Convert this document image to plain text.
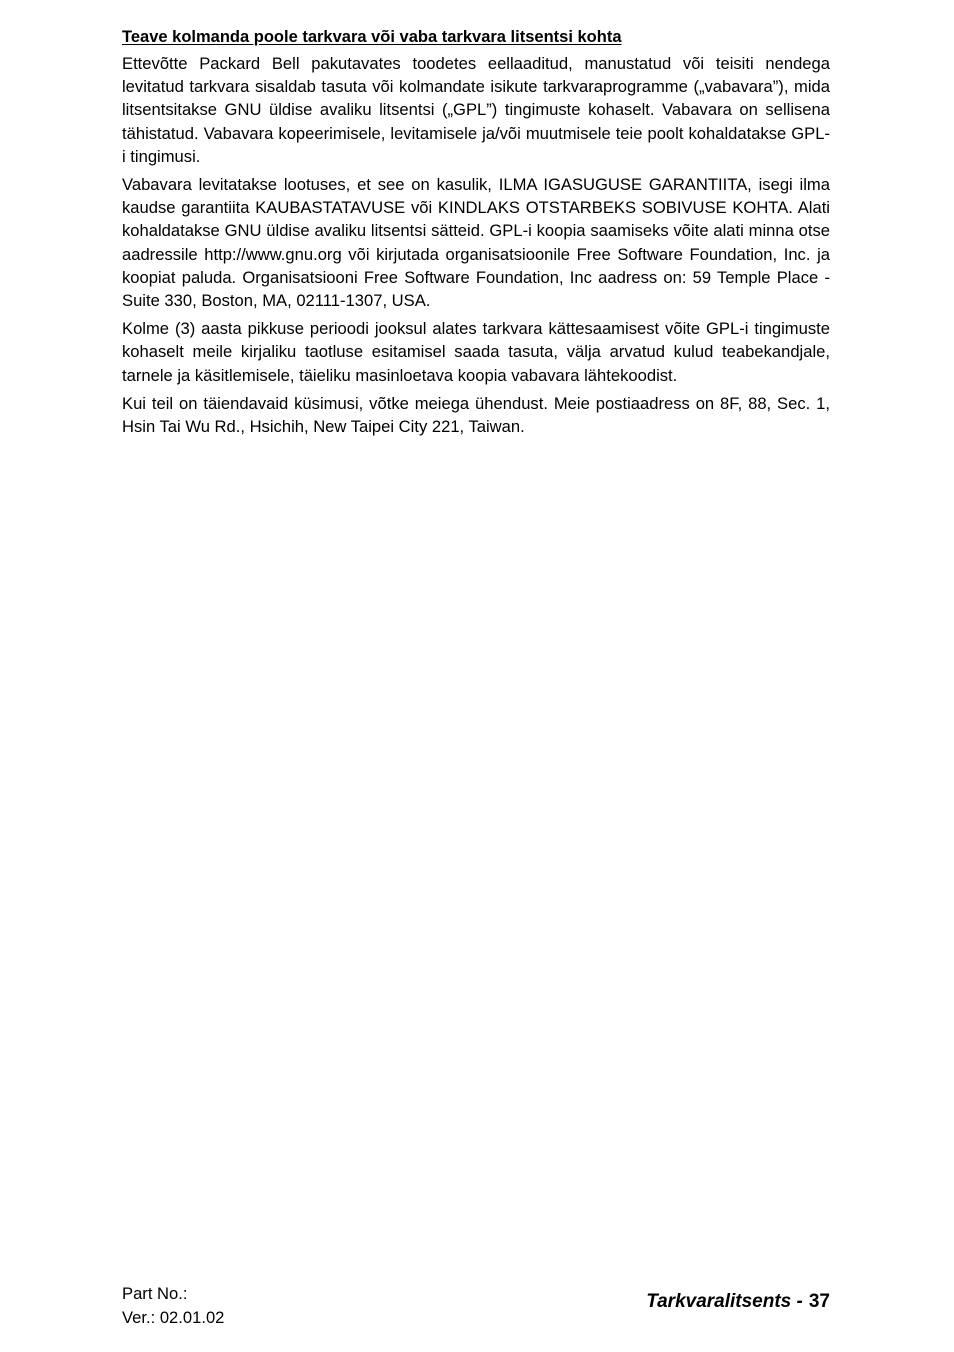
Teave kolmanda poole tarkvara või vaba tarkvara litsentsi kohta

Ettevõtte Packard Bell pakutavates toodetes eellaaditud, manustatud või teisiti nendega levitatud tarkvara sisaldab tasuta või kolmandate isikute tarkvaraprogramme („vabavara”), mida litsentsitakse GNU üldise avaliku litsentsi („GPL”) tingimuste kohaselt. Vabavara on sellisena tähistatud. Vabavara kopeerimisele, levitamisele ja/või muutmisele teie poolt kohaldatakse GPL-i tingimusi.

Vabavara levitatakse lootuses, et see on kasulik, ILMA IGASUGUSE GARANTIITA, isegi ilma kaudse garantiita KAUBASTATAVUSE või KINDLAKS OTSTARBEKS SOBIVUSE KOHTA. Alati kohaldatakse GNU üldise avaliku litsentsi sätteid. GPL-i koopia saamiseks võite alati minna otse aadressile http://www.gnu.org või kirjutada organisatsioonile Free Software Foundation, Inc. ja koopiat paluda. Organisatsiooni Free Software Foundation, Inc aadress on: 59 Temple Place - Suite 330, Boston, MA, 02111-1307, USA.

Kolme (3) aasta pikkuse perioodi jooksul alates tarkvara kättesaamisest võite GPL-i tingimuste kohaselt meile kirjaliku taotluse esitamisel saada tasuta, välja arvatud kulud teabekandjale, tarnele ja käsitlemisele, täieliku masinloetava koopia vabavara lähtekoodist.

Kui teil on täiendavaid küsimusi, võtke meiega ühendust. Meie postiaadress on 8F, 88, Sec. 1, Hsin Tai Wu Rd., Hsichih, New Taipei City 221, Taiwan.

Part No.:
Ver.: 02.01.02
Tarkvaralitsents - 37
